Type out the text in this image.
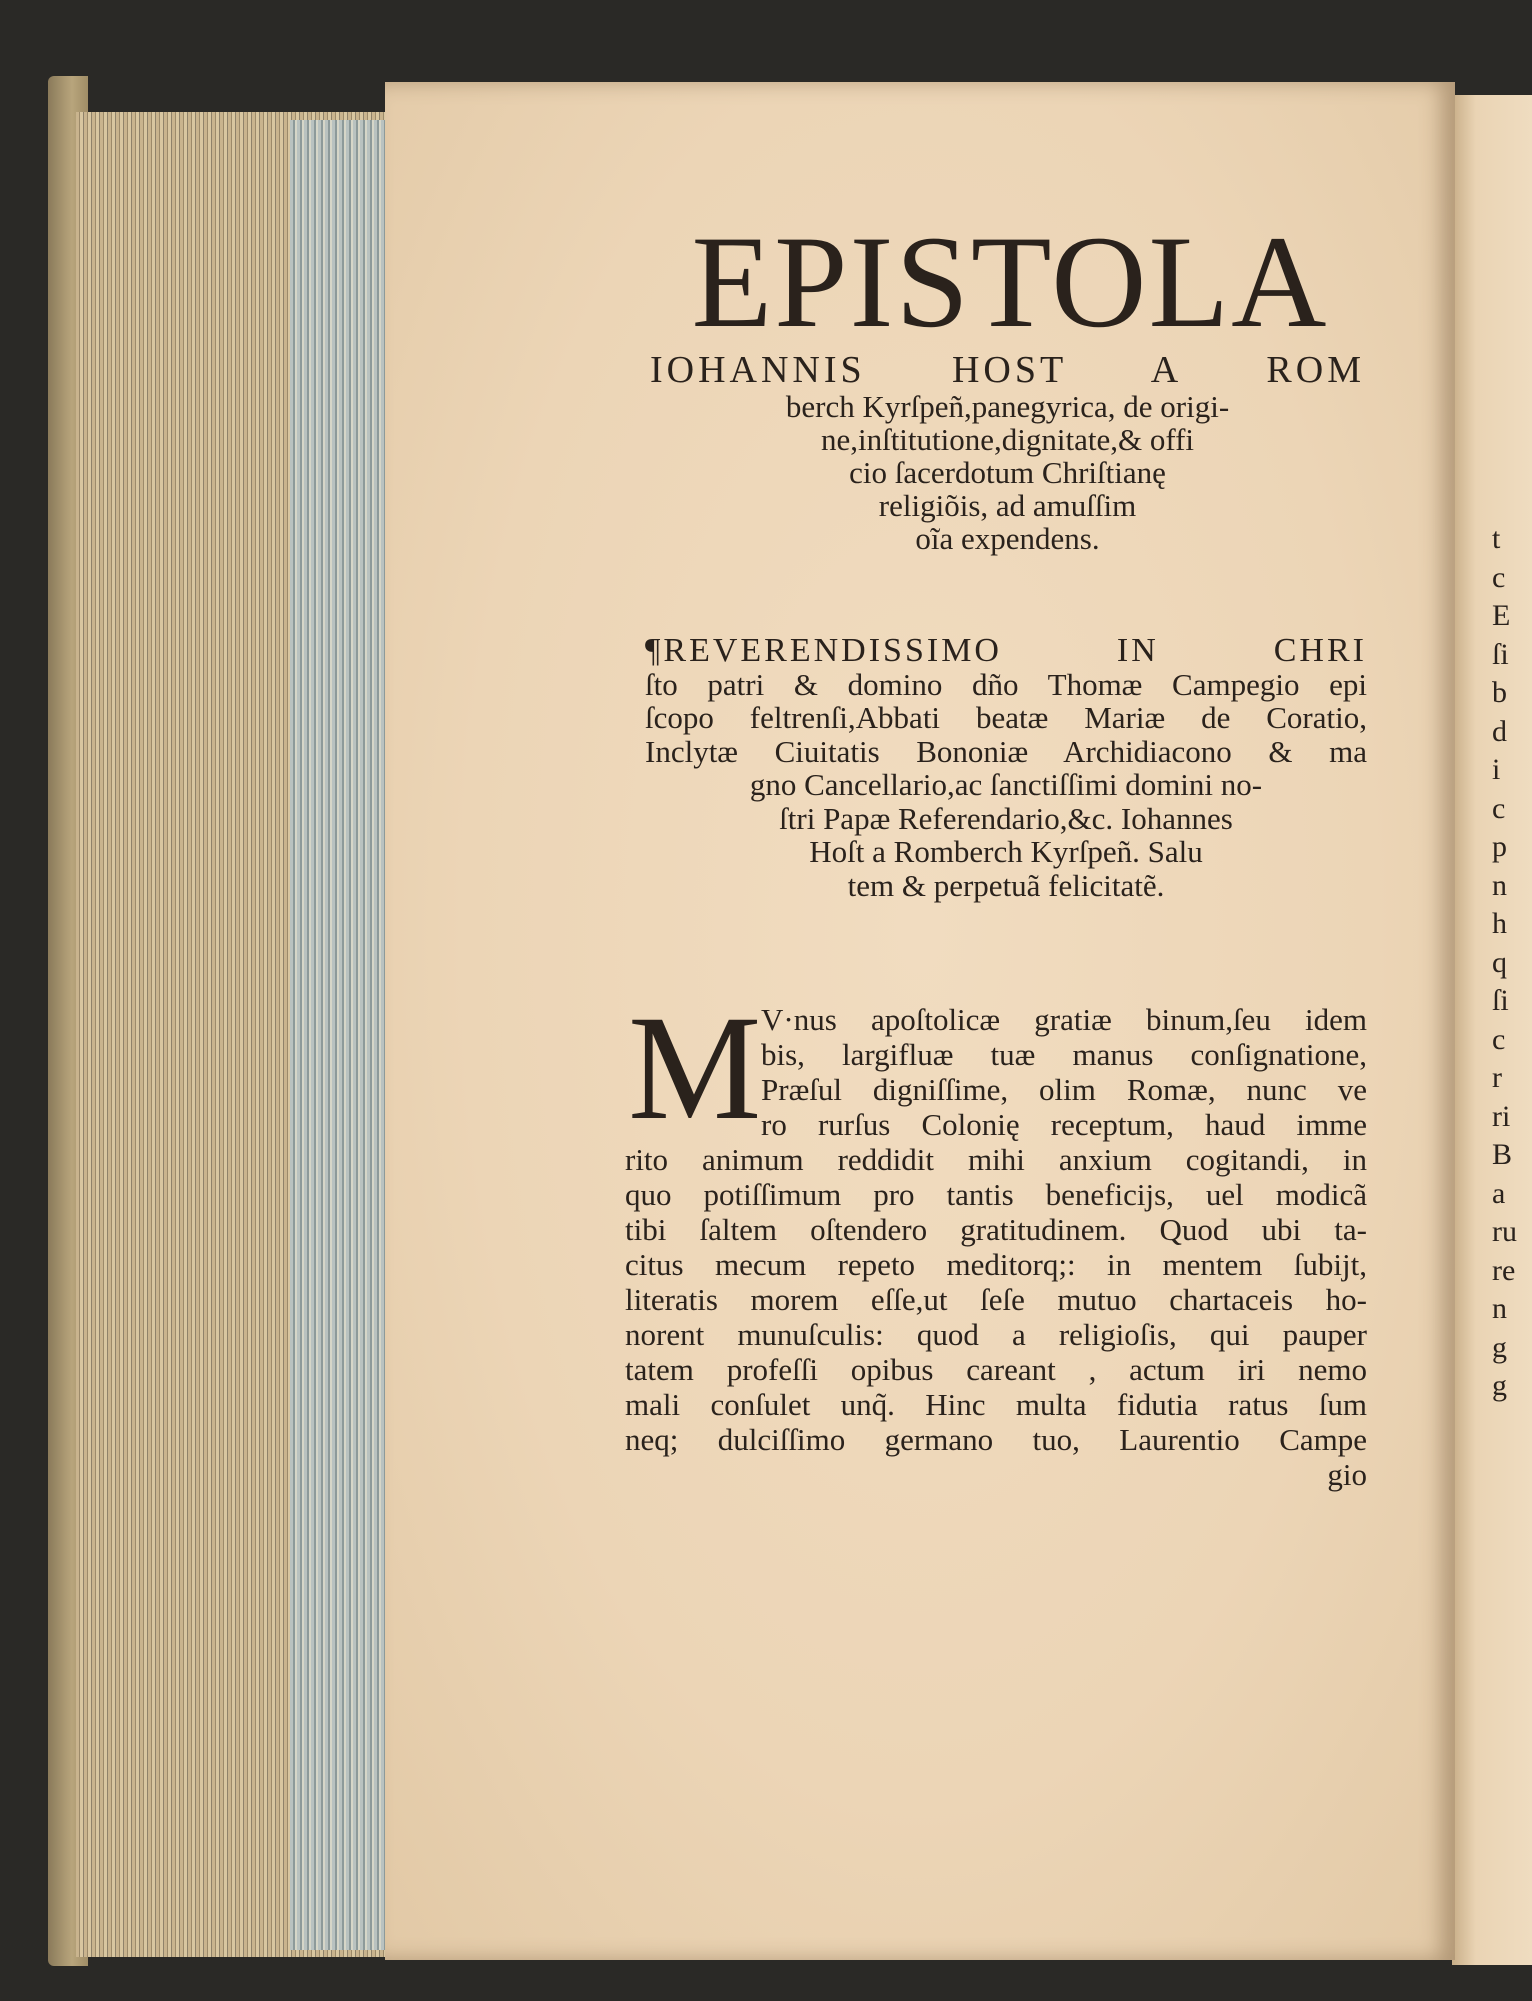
t
c
E
ſi
b
d
i
c
p
n
h
q
ſi
c
r
ri
B
a
ru
re
n
g
g
EPISTOLA
IOHANNIS HOST A ROM
berch Kyrſpeñ,panegyrica, de origi-
ne,inſtitutione,dignitate,& offi
cio ſacerdotum Chriſtianę
religiõis, ad amuſſim
oĩa expendens.
¶REVERENDISSIMO IN CHRI
ſto patri & domino dño Thomæ Campegio epi
ſcopo feltrenſi,Abbati beatæ Mariæ de Coratio,
Inclytæ Ciuitatis Bononiæ Archidiacono & ma
gno Cancellario,ac ſanctiſſimi domini no-
ſtri Papæ Referendario,&c. Iohannes
Hoſt a Romberch Kyrſpeñ. Salu
tem & perpetuã felicitatẽ.
M V·nus apoſtolicæ gratiæ binum,ſeu idem
bis, largifluæ tuæ manus conſignatione,
Præſul digniſſime, olim Romæ, nunc ve
ro rurſus Colonię receptum, haud imme
rito animum reddidit mihi anxium cogitandi, in
quo potiſſimum pro tantis beneficijs, uel modicã
tibi ſaltem oſtendero gratitudinem. Quod ubi ta-
citus mecum repeto meditorq;: in mentem ſubijt,
literatis morem eſſe,ut ſeſe mutuo chartaceis ho-
norent munuſculis: quod a religioſis, qui pauper
tatem profeſſi opibus careant , actum iri nemo
mali conſulet unq̃. Hinc multa fidutia ratus ſum
neq; dulciſſimo germano tuo, Laurentio Campe
gio
